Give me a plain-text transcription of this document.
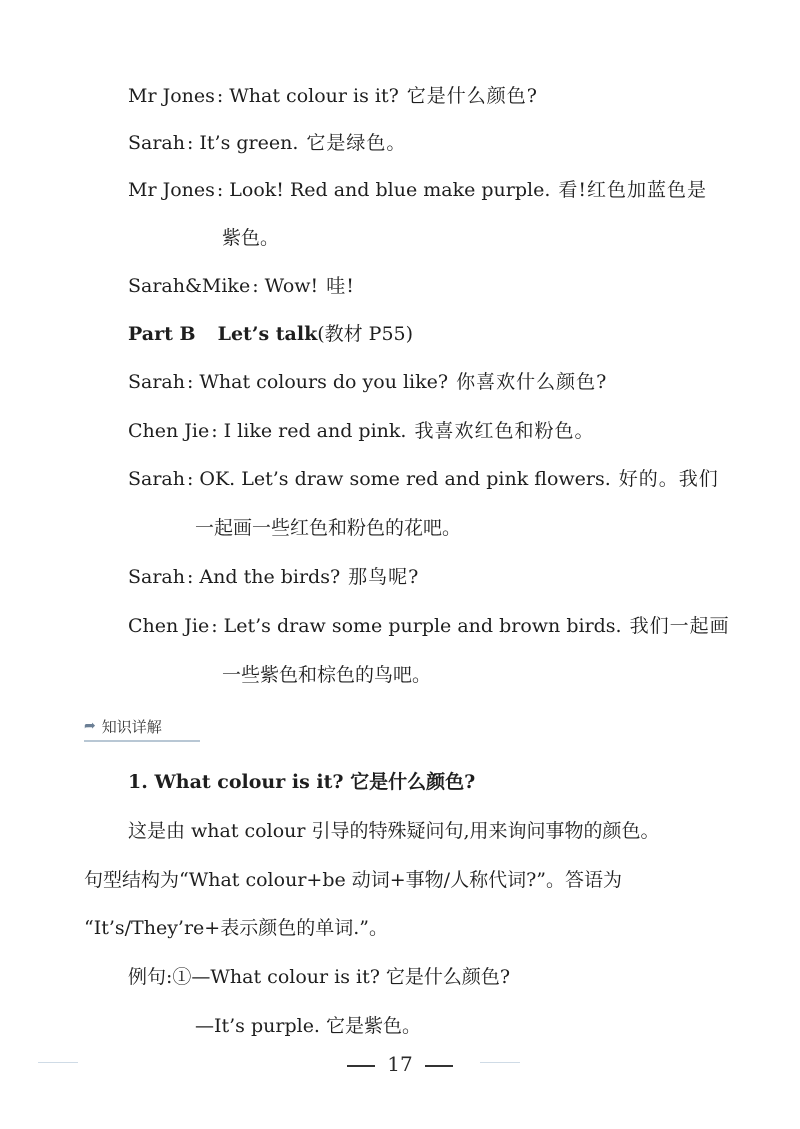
Mr Jones : What colour is it? 它是什么颜色?
Sarah : It’s green. 它是绿色。
Mr Jones : Look! Red and blue make purple. 看!红色加蓝色是
紫色。
Sarah&Mike : Wow! 哇!
Part B Let’s talk(教材 P55)
Sarah : What colours do you like? 你喜欢什么颜色?
Chen Jie : I like red and pink. 我喜欢红色和粉色。
Sarah : OK. Let’s draw some red and pink flowers. 好的。我们
一起画一些红色和粉色的花吧。
Sarah : And the birds? 那鸟呢?
Chen Jie : Let’s draw some purple and brown birds. 我们一起画
一些紫色和棕色的鸟吧。
➦ 知识详解
1. What colour is it? 它是什么颜色?
这是由 what colour 引导的特殊疑问句,用来询问事物的颜色。
句型结构为“What colour+be 动词+事物/人称代词?”。答语为
“It’s/They’re+表示颜色的单词.”。
例句:①—What colour is it? 它是什么颜色?
—It’s purple. 它是紫色。
17
